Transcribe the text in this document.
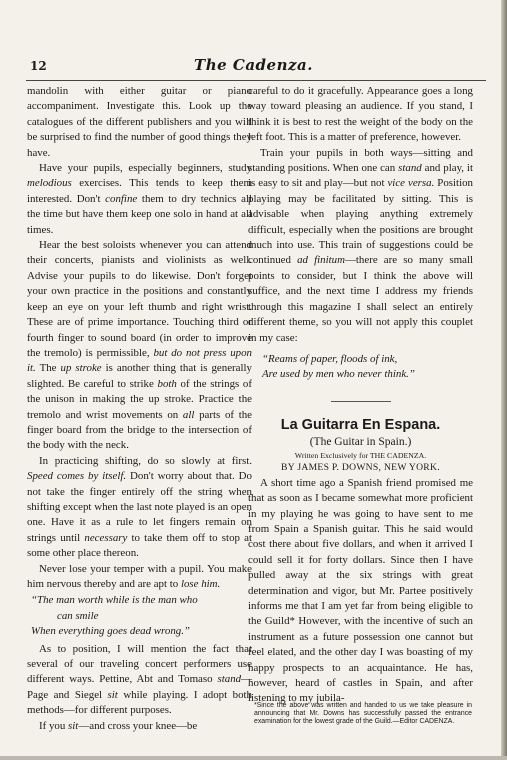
12	The Cadenza.

mandolin with either guitar or piano accompaniment. Investigate this. Look up the catalogues of the different publishers and you will be surprised to find the number of good things they have.

Have your pupils, especially beginners, study melodious exercises. This tends to keep them interested. Don't confine them to dry technics all the time but have them keep one solo in hand at all times.

Hear the best soloists whenever you can attend their concerts, pianists and violinists as well. Advise your pupils to do likewise. Don't forget your own practice in the positions and constantly keep an eye on your left thumb and right wrist. These are of prime importance. Touching third or fourth finger to sound board (in order to improve the tremolo) is permissible, but do not press upon it. The up stroke is another thing that is generally slighted. Be careful to strike both of the strings of the unison in making the up stroke. Practice the tremolo and wrist movements on all parts of the finger board from the bridge to the intersection of the body with the neck.

In practicing shifting, do so slowly at first. Speed comes by itself. Don't worry about that. Do not take the finger entirely off the string when shifting except when the last note played is an open one. Have it as a rule to let fingers remain on strings until necessary to take them off to stop at some other place thereon.

Never lose your temper with a pupil. You make him nervous thereby and are apt to lose him.

“The man worth while is the man who
can smile
When everything goes dead wrong.”

As to position, I will mention the fact that several of our traveling concert performers use different ways. Pettine, Abt and Tomaso stand—Page and Siegel sit while playing. I adopt both methods—for different purposes.

If you sit—and cross your knee—be

careful to do it gracefully. Appearance goes a long way toward pleasing an audience. If you stand, I think it is best to rest the weight of the body on the left foot. This is a matter of preference, however.

Train your pupils in both ways—sitting and standing positions. When one can stand and play, it is easy to sit and play—but not vice versa. Position playing may be facilitated by sitting. This is advisable when playing anything extremely difficult, especially when the positions are brought much into use. This train of suggestions could be continued ad finitum—there are so many small points to consider, but I think the above will suffice, and the next time I address my friends through this magazine I shall select an entirely different theme, so you will not apply this couplet in my case:

“Reams of paper, floods of ink,
Are used by men who never think.”
La Guitarra En Espana.
(The Guitar in Spain.)
Written Exclusively for THE CADENZA.
BY JAMES P. DOWNS, NEW YORK.

A short time ago a Spanish friend promised me that as soon as I became somewhat more proficient in my playing he was going to have sent to me from Spain a Spanish guitar. This he said would cost there about five dollars, and when it arrived I could sell it for forty dollars. Since then I have pulled away at the six strings with great determination and vigor, but Mr. Partee positively informs me that I am yet far from being eligible to the Guild* However, with the incentive of such an instrument as a future possession one cannot but feel elated, and the other day I was boasting of my happy prospects to an acquaintance. He has, however, heard of castles in Spain, and after listening to my jubila-

*Since the above was written and handed to us we take pleasure in announcing that Mr. Downs has successfully passed the entrance examination for the lowest grade of the Guild.—Editor CADENZA.
